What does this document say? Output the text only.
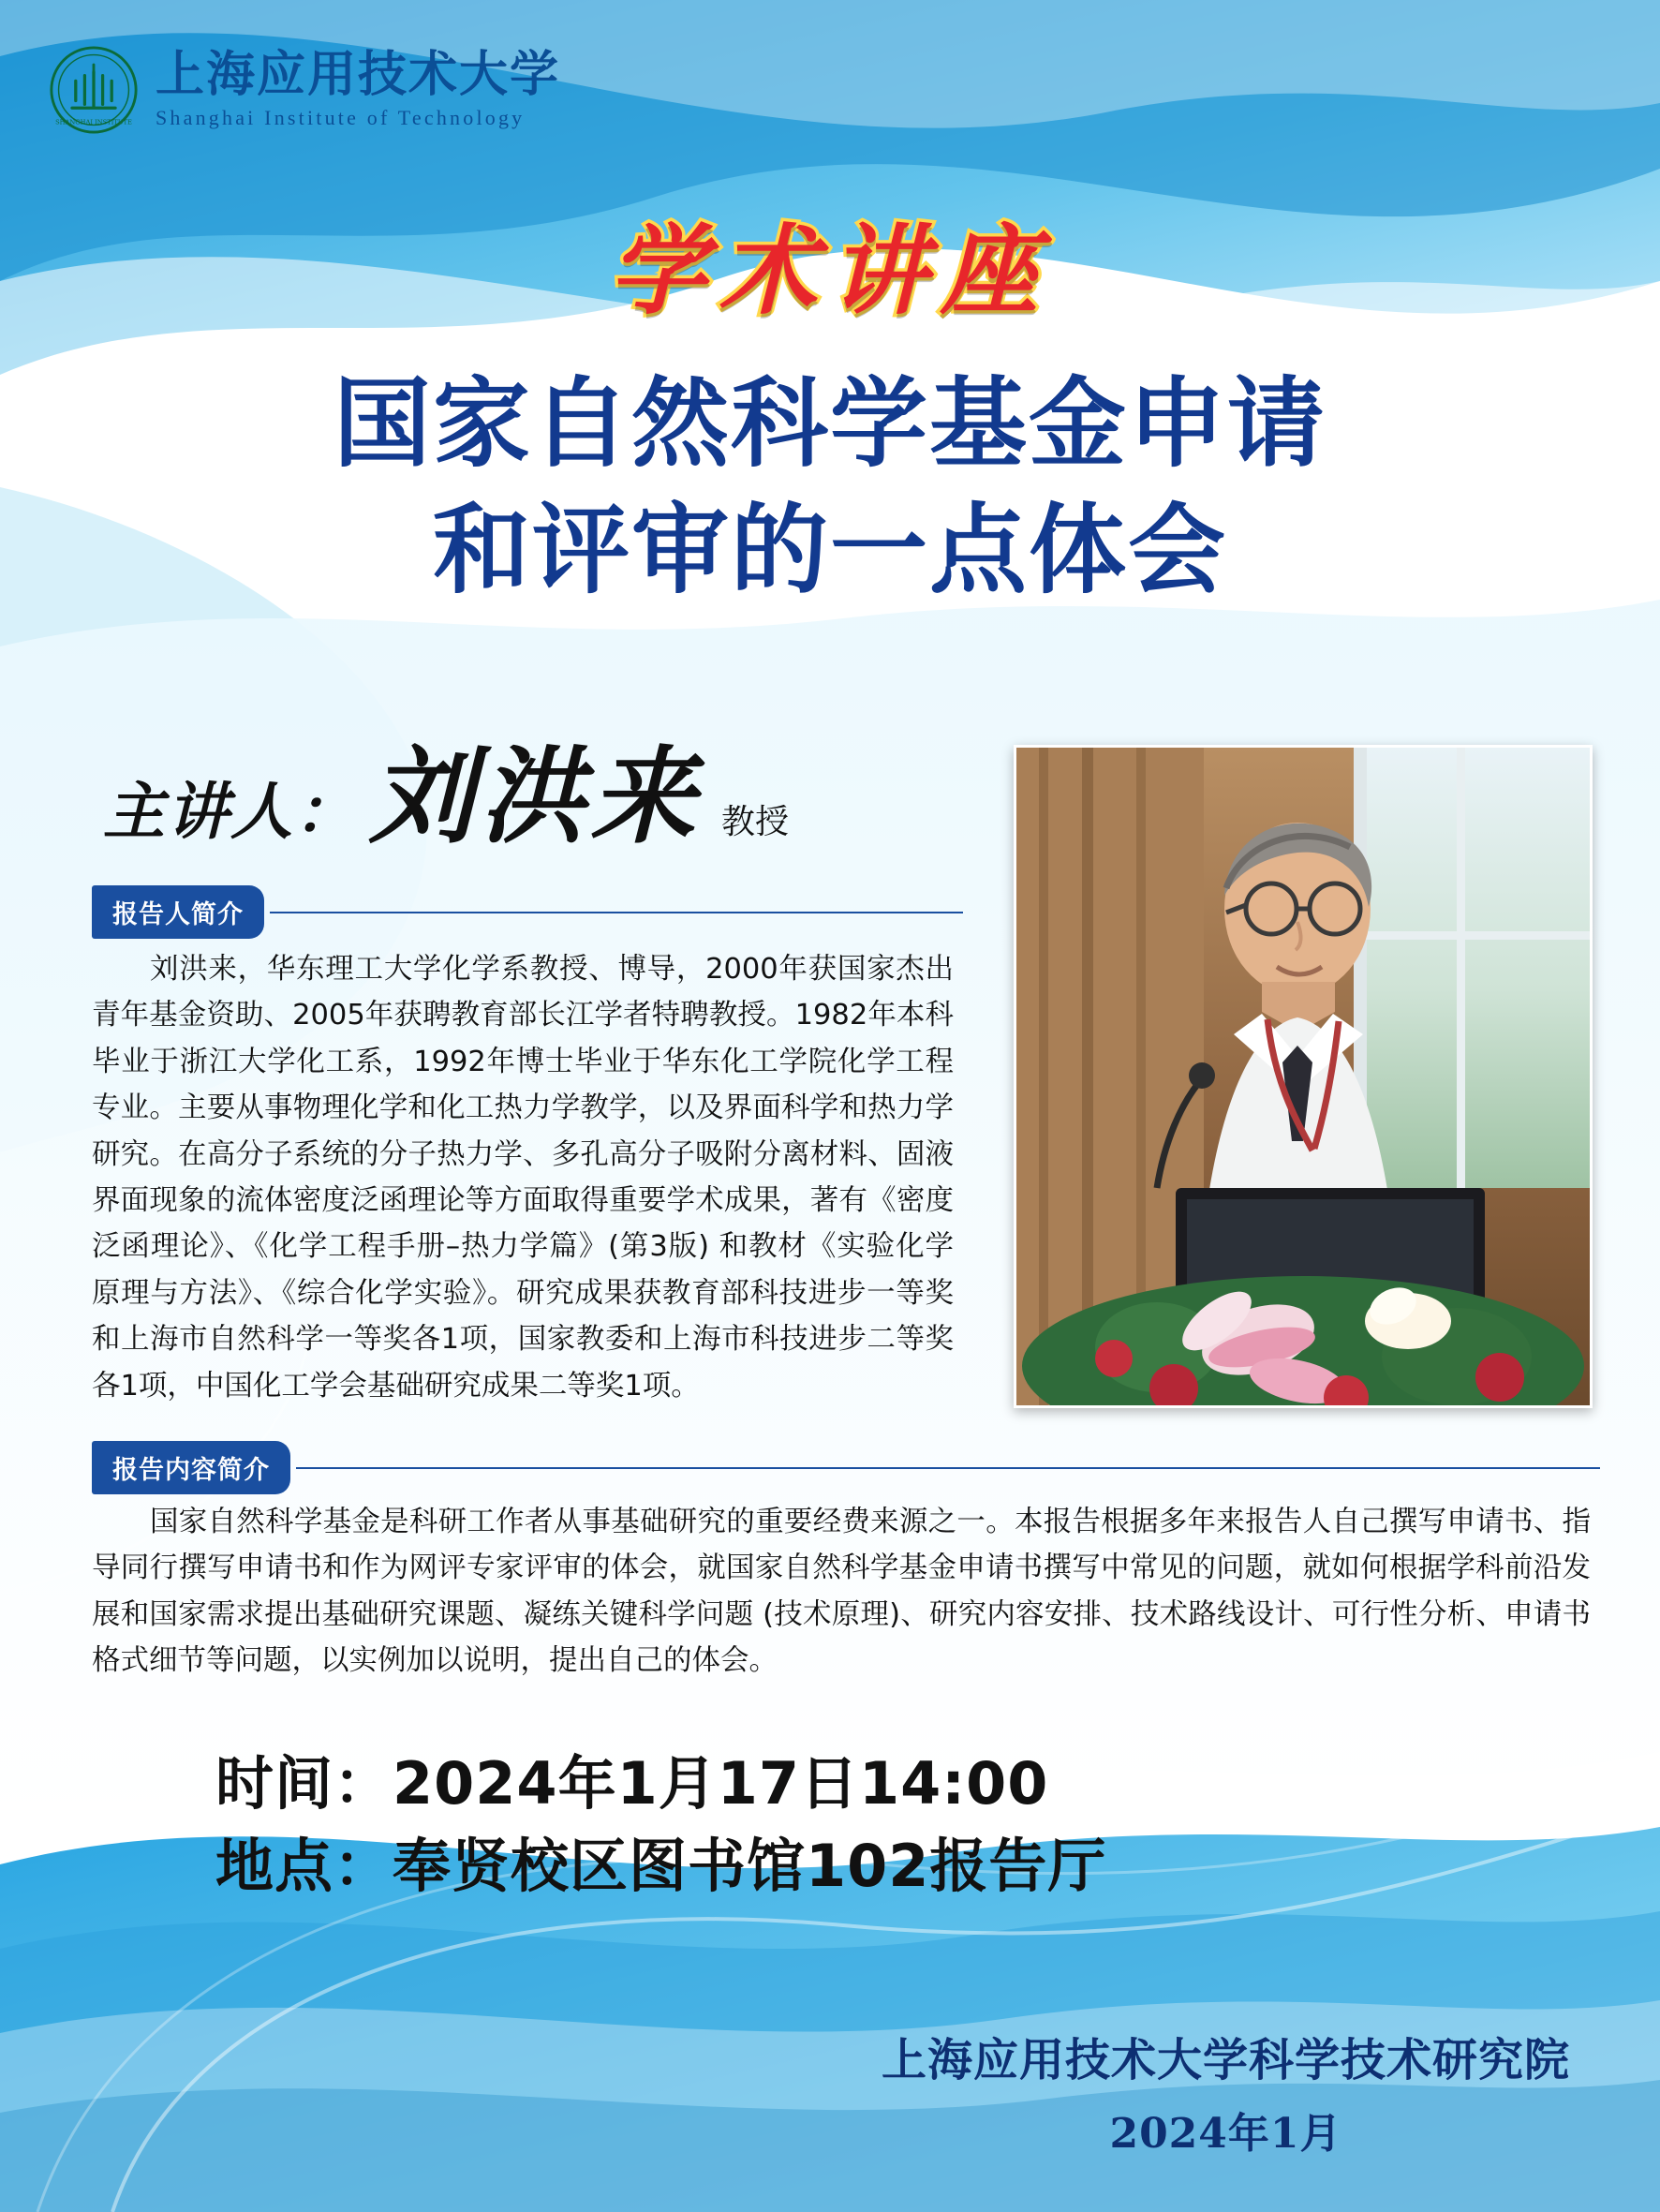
SHANGHAI INSTITUTE
上海应用技术大学
Shanghai Institute of Technology
学术讲座
国家自然科学基金申请
和评审的一点体会
主讲人： 刘洪来 教授
报告人简介
刘洪来，华东理工大学化学系教授、博导，2000年获国家杰出青年基金资助、2005年获聘教育部长江学者特聘教授。1982年本科毕业于浙江大学化工系，1992年博士毕业于华东化工学院化学工程专业。主要从事物理化学和化工热力学教学，以及界面科学和热力学研究。在高分子系统的分子热力学、多孔高分子吸附分离材料、固液界面现象的流体密度泛函理论等方面取得重要学术成果，著有《密度泛函理论》、《化学工程手册–热力学篇》(第3版) 和教材《实验化学原理与方法》、《综合化学实验》。研究成果获教育部科技进步一等奖和上海市自然科学一等奖各1项，国家教委和上海市科技进步二等奖各1项，中国化工学会基础研究成果二等奖1项。
报告内容简介
国家自然科学基金是科研工作者从事基础研究的重要经费来源之一。本报告根据多年来报告人自己撰写申请书、指导同行撰写申请书和作为网评专家评审的体会，就国家自然科学基金申请书撰写中常见的问题，就如何根据学科前沿发展和国家需求提出基础研究课题、凝练关键科学问题 (技术原理)、研究内容安排、技术路线设计、可行性分析、申请书格式细节等问题，以实例加以说明，提出自己的体会。
时间：2024年1月17日14:00
地点：奉贤校区图书馆102报告厅
上海应用技术大学科学技术研究院
2024年1月
